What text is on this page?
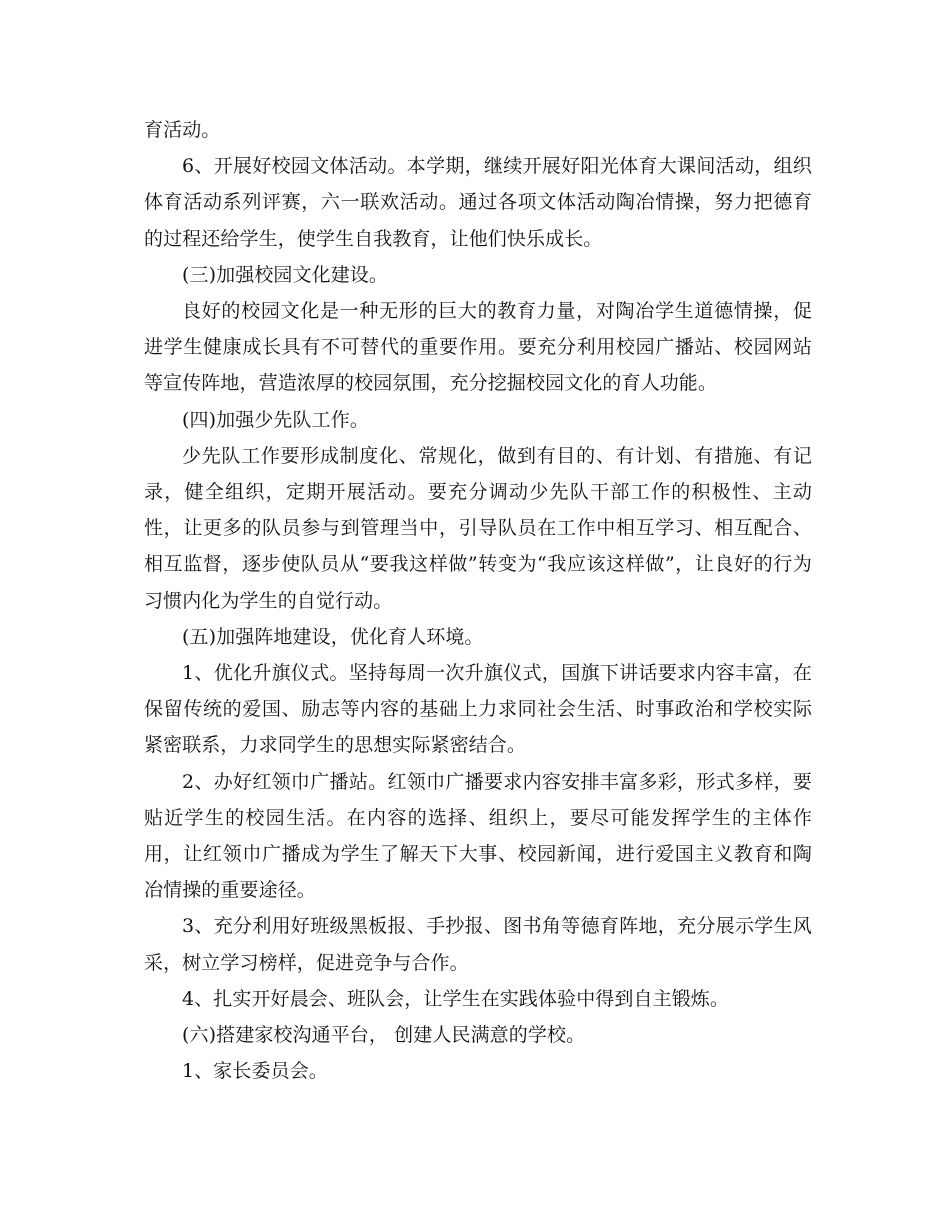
育活动。

6、开展好校园文体活动。本学期，继续开展好阳光体育大课间活动，组织体育活动系列评赛，六一联欢活动。通过各项文体活动陶冶情操，努力把德育的过程还给学生，使学生自我教育，让他们快乐成长。

(三)加强校园文化建设。

良好的校园文化是一种无形的巨大的教育力量，对陶冶学生道德情操，促进学生健康成长具有不可替代的重要作用。要充分利用校园广播站、校园网站等宣传阵地，营造浓厚的校园氛围，充分挖掘校园文化的育人功能。

(四)加强少先队工作。

少先队工作要形成制度化、常规化，做到有目的、有计划、有措施、有记录，健全组织，定期开展活动。要充分调动少先队干部工作的积极性、主动性，让更多的队员参与到管理当中，引导队员在工作中相互学习、相互配合、相互监督，逐步使队员从“要我这样做”转变为“我应该这样做”，让良好的行为习惯内化为学生的自觉行动。

(五)加强阵地建设，优化育人环境。

1、优化升旗仪式。坚持每周一次升旗仪式，国旗下讲话要求内容丰富，在保留传统的爱国、励志等内容的基础上力求同社会生活、时事政治和学校实际紧密联系，力求同学生的思想实际紧密结合。

2、办好红领巾广播站。红领巾广播要求内容安排丰富多彩，形式多样，要贴近学生的校园生活。在内容的选择、组织上，要尽可能发挥学生的主体作用，让红领巾广播成为学生了解天下大事、校园新闻，进行爱国主义教育和陶冶情操的重要途径。

3、充分利用好班级黑板报、手抄报、图书角等德育阵地，充分展示学生风采，树立学习榜样，促进竞争与合作。

4、扎实开好晨会、班队会，让学生在实践体验中得到自主锻炼。

(六)搭建家校沟通平台， 创建人民满意的学校。

1、家长委员会。
